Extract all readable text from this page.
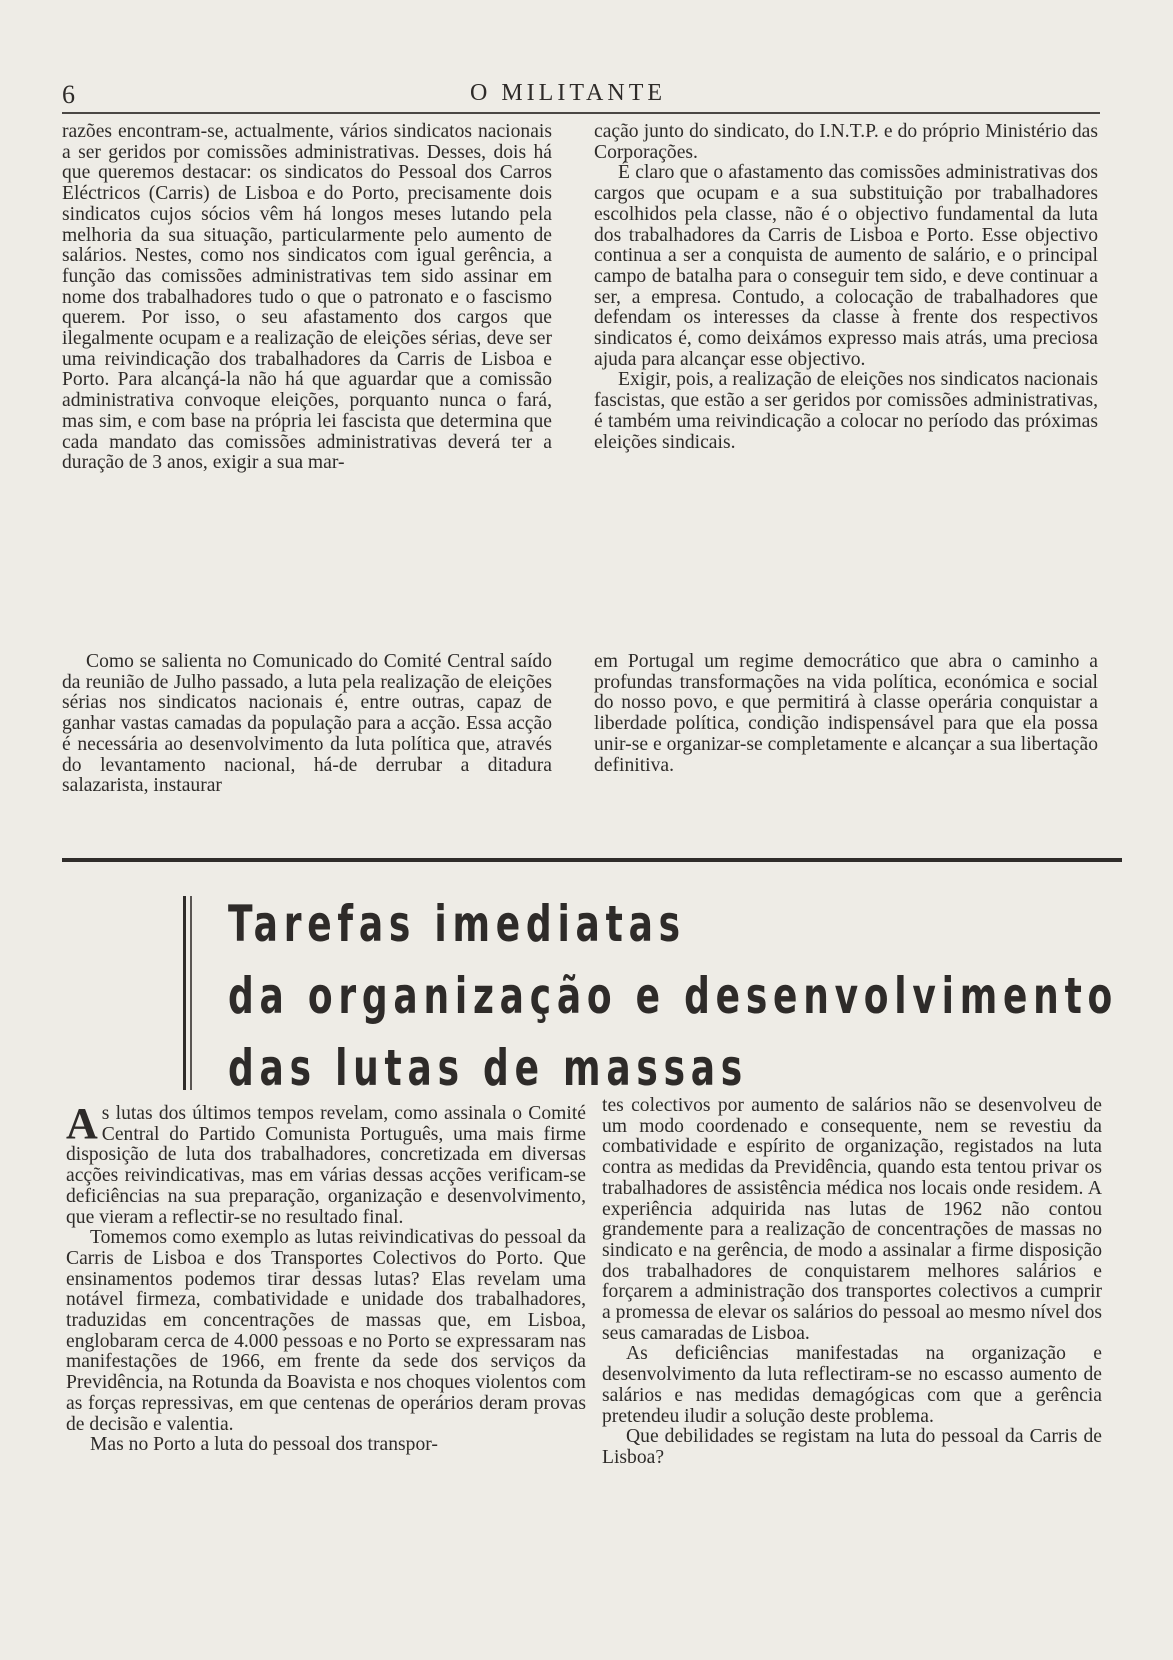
6	O MILITANTE

razões encontram-se, actualmente, vários sindicatos nacionais a ser geridos por comissões administrativas. Desses, dois há que queremos destacar: os sindicatos do Pessoal dos Carros Eléctricos (Carris) de Lisboa e do Porto, precisamente dois sindicatos cujos sócios vêm há longos meses lutando pela melhoria da sua situação, particularmente pelo aumento de salários. Nestes, como nos sindicatos com igual gerência, a função das comissões administrativas tem sido assinar em nome dos trabalhadores tudo o que o patronato e o fascismo querem. Por isso, o seu afastamento dos cargos que ilegalmente ocupam e a realização de eleições sérias, deve ser uma reivindicação dos trabalhadores da Carris de Lisboa e Porto. Para alcançá-la não há que aguardar que a comissão administrativa convoque eleições, porquanto nunca o fará, mas sim, e com base na própria lei fascista que determina que cada mandato das comissões administrativas deverá ter a duração de 3 anos, exigir a sua mar-

Como se salienta no Comunicado do Comité Central saído da reunião de Julho passado, a luta pela realização de eleições sérias nos sindicatos nacionais é, entre outras, capaz de ganhar vastas camadas da população para a acção. Essa acção é necessária ao desenvolvimento da luta política que, através do levantamento nacional, há-de derrubar a ditadura salazarista, instaurar

cação junto do sindicato, do I.N.T.P. e do próprio Ministério das Corporações.

É claro que o afastamento das comissões administrativas dos cargos que ocupam e a sua substituição por trabalhadores escolhidos pela classe, não é o objectivo fundamental da luta dos trabalhadores da Carris de Lisboa e Porto. Esse objectivo continua a ser a conquista de aumento de salário, e o principal campo de batalha para o conseguir tem sido, e deve continuar a ser, a empresa. Contudo, a colocação de trabalhadores que defendam os interesses da classe à frente dos respectivos sindicatos é, como deixámos expresso mais atrás, uma preciosa ajuda para alcançar esse objectivo.

Exigir, pois, a realização de eleições nos sindicatos nacionais fascistas, que estão a ser geridos por comissões administrativas, é também uma reivindicação a colocar no período das próximas eleições sindicais.

em Portugal um regime democrático que abra o caminho a profundas transformações na vida política, económica e social do nosso povo, e que permitirá à classe operária conquistar a liberdade política, condição indispensável para que ela possa unir-se e organizar-se completamente e alcançar a sua libertação definitiva.

Tarefas imediatas
da organização e desenvolvimento
das lutas de massas

As lutas dos últimos tempos revelam, como assinala o Comité Central do Partido Comunista Português, uma mais firme disposição de luta dos trabalhadores, concretizada em diversas acções reivindicativas, mas em várias dessas acções verificam-se deficiências na sua preparação, organização e desenvolvimento, que vieram a reflectir-se no resultado final.

Tomemos como exemplo as lutas reivindicativas do pessoal da Carris de Lisboa e dos Transportes Colectivos do Porto. Que ensinamentos podemos tirar dessas lutas? Elas revelam uma notável firmeza, combatividade e unidade dos trabalhadores, traduzidas em concentrações de massas que, em Lisboa, englobaram cerca de 4.000 pessoas e no Porto se expressaram nas manifestações de 1966, em frente da sede dos serviços da Previdência, na Rotunda da Boavista e nos choques violentos com as forças repressivas, em que centenas de operários deram provas de decisão e valentia.

Mas no Porto a luta do pessoal dos transpor-

tes colectivos por aumento de salários não se desenvolveu de um modo coordenado e consequente, nem se revestiu da combatividade e espírito de organização, registados na luta contra as medidas da Previdência, quando esta tentou privar os trabalhadores de assistência médica nos locais onde residem. A experiência adquirida nas lutas de 1962 não contou grandemente para a realização de concentrações de massas no sindicato e na gerência, de modo a assinalar a firme disposição dos trabalhadores de conquistarem melhores salários e forçarem a administração dos transportes colectivos a cumprir a promessa de elevar os salários do pessoal ao mesmo nível dos seus camaradas de Lisboa.

As deficiências manifestadas na organização e desenvolvimento da luta reflectiram-se no escasso aumento de salários e nas medidas demagógicas com que a gerência pretendeu iludir a solução deste problema.

Que debilidades se registam na luta do pessoal da Carris de Lisboa?
